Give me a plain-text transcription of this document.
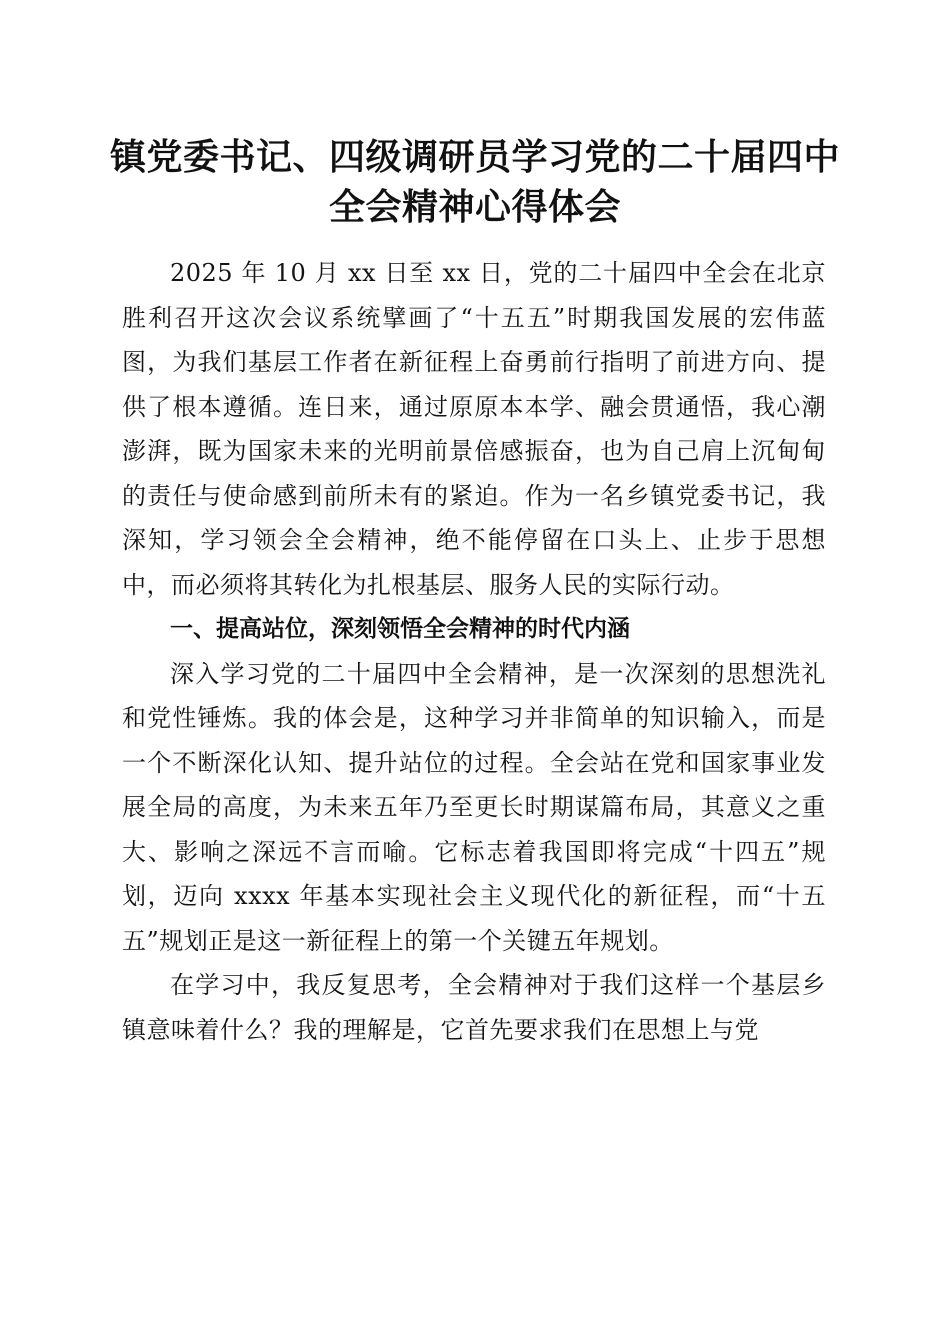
镇党委书记、四级调研员学习党的二十届四中
全会精神心得体会

2025 年 10 月 xx 日至 xx 日，党的二十届四中全会在北京胜利召开这次会议系统擘画了“十五五”时期我国发展的宏伟蓝图，为我们基层工作者在新征程上奋勇前行指明了前进方向、提供了根本遵循。连日来，通过原原本本学、融会贯通悟，我心潮澎湃，既为国家未来的光明前景倍感振奋，也为自己肩上沉甸甸的责任与使命感到前所未有的紧迫。作为一名乡镇党委书记，我深知，学习领会全会精神，绝不能停留在口头上、止步于思想中，而必须将其转化为扎根基层、服务人民的实际行动。

一、提高站位，深刻领悟全会精神的时代内涵

深入学习党的二十届四中全会精神，是一次深刻的思想洗礼和党性锤炼。我的体会是，这种学习并非简单的知识输入，而是一个不断深化认知、提升站位的过程。全会站在党和国家事业发展全局的高度，为未来五年乃至更长时期谋篇布局，其意义之重大、影响之深远不言而喻。它标志着我国即将完成“十四五”规划，迈向 xxxx 年基本实现社会主义现代化的新征程，而“十五五”规划正是这一新征程上的第一个关键五年规划。

在学习中，我反复思考，全会精神对于我们这样一个基层乡镇意味着什么？我的理解是，它首先要求我们在思想上与党
